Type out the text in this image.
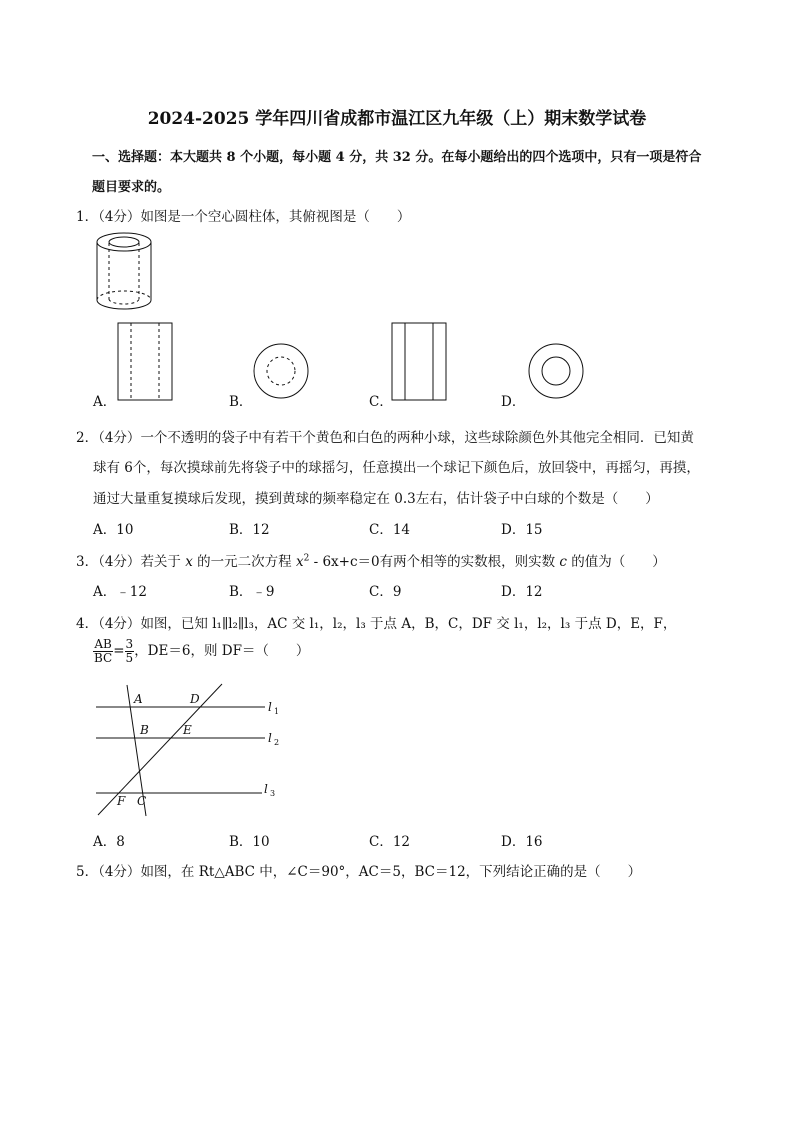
2024-2025 学年四川省成都市温江区九年级（上）期末数学试卷
一、选择题：本大题共 8 个小题，每小题 4 分，共 32 分。在每小题给出的四个选项中，只有一项是符合
题目要求的。
1．（4分）如图是一个空心圆柱体，其俯视图是（　　）
A．	B．	C．	D．
2．（4分）一个不透明的袋子中有若干个黄色和白色的两种小球，这些球除颜色外其他完全相同．已知黄
球有 6个，每次摸球前先将袋子中的球摇匀，任意摸出一个球记下颜色后，放回袋中，再摇匀，再摸，
通过大量重复摸球后发现，摸到黄球的频率稳定在 0.3左右，估计袋子中白球的个数是（　　）
A．10	B．12	C．14	D．15
3．（4分）若关于 x 的一元二次方程 $x^2 - 6x+c=0$有两个相等的实数根，则实数 c 的值为（　　）
A．﹣12	B．﹣9	C．9	D．12
4．（4分）如图，已知 l₁∥l₂∥l₃，AC 交 l₁，l₂，l₃ 于点 A，B，C，DF 交 l₁，l₂，l₃ 于点 D，E，F，
$\frac{AB}{BC} = \frac{3}{5}$ ，DE＝6，则 DF＝（　　）
A	D
B	E
F C
l 1
l 2
l 3
A．8	B．10	C．12	D．16
5．（4分）如图，在 Rt△ABC 中，∠C＝90°，AC＝5，BC＝12，下列结论正确的是（　　）
